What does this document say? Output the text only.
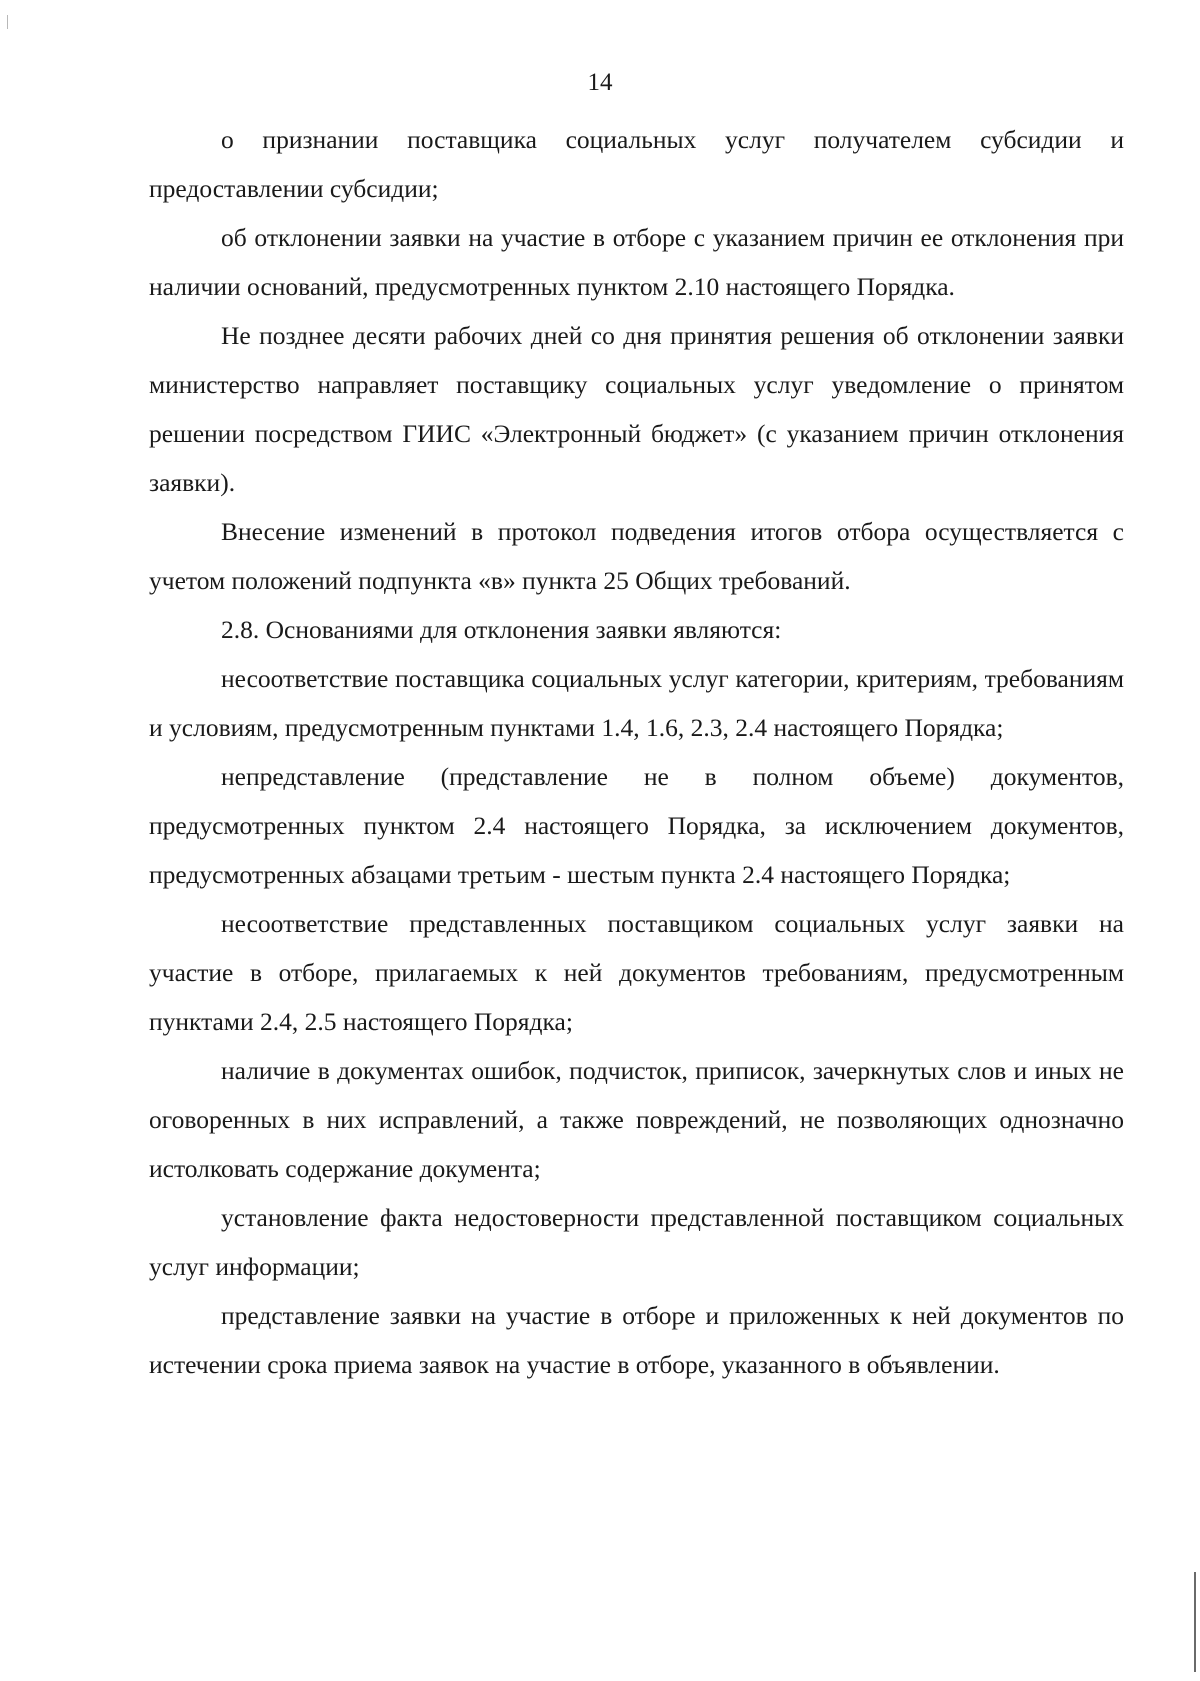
14

о признании поставщика социальных услуг получателем субсидии и предоставлении субсидии;

об отклонении заявки на участие в отборе с указанием причин ее отклонения при наличии оснований, предусмотренных пунктом 2.10 настоящего Порядка.

Не позднее десяти рабочих дней со дня принятия решения об отклонении заявки министерство направляет поставщику социальных услуг уведомление о принятом решении посредством ГИИС «Электронный бюджет» (с указанием причин отклонения заявки).

Внесение изменений в протокол подведения итогов отбора осуществляется с учетом положений подпункта «в» пункта 25 Общих требований.

2.8. Основаниями для отклонения заявки являются:

несоответствие поставщика социальных услуг категории, критериям, требованиям и условиям, предусмотренным пунктами 1.4, 1.6, 2.3, 2.4 настоящего Порядка;

непредставление (представление не в полном объеме) документов, предусмотренных пунктом 2.4 настоящего Порядка, за исключением документов, предусмотренных абзацами третьим - шестым пункта 2.4 настоящего Порядка;

несоответствие представленных поставщиком социальных услуг заявки на участие в отборе, прилагаемых к ней документов требованиям, предусмотренным пунктами 2.4, 2.5 настоящего Порядка;

наличие в документах ошибок, подчисток, приписок, зачеркнутых слов и иных не оговоренных в них исправлений, а также повреждений, не позволяющих однозначно истолковать содержание документа;

установление факта недостоверности представленной поставщиком социальных услуг информации;

представление заявки на участие в отборе и приложенных к ней документов по истечении срока приема заявок на участие в отборе, указанного в объявлении.
